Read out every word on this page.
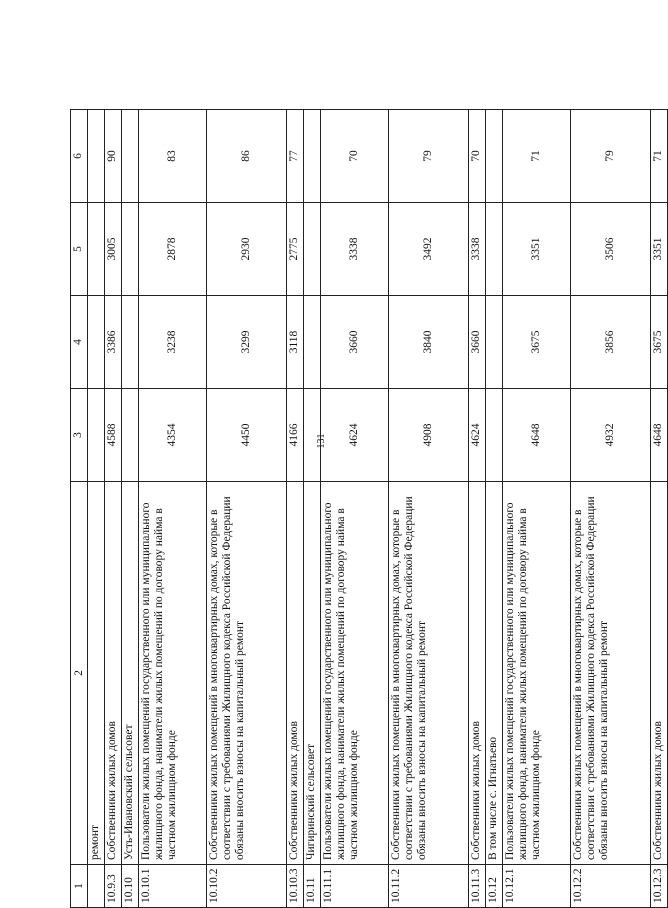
131
1	2	3	4	5	6
	ремонт				
10.9.3	Собственники жилых домов	4588	3386	3005	90
10.10	Усть-Ивановский сельсовет				
10.10.1	Пользователи жилых помещений государственного или муниципального жилищного фонда, наниматели жилых помещений по договору найма в частном жилищном фонде	4354	3238	2878	83
10.10.2	Собственники жилых помещений в многоквартирных домах, которые в соответствии с требованиями Жилищного кодекса Российской Федерации обязаны вносить взносы на капитальный ремонт	4450	3299	2930	86
10.10.3	Собственники жилых домов	4166	3118	2775	77
10.11	Чигиринский сельсовет				
10.11.1	Пользователи жилых помещений государственного или муниципального жилищного фонда, наниматели жилых помещений по договору найма в частном жилищном фонде	4624	3660	3338	70
10.11.2	Собственники жилых помещений в многоквартирных домах, которые в соответствии с требованиями Жилищного кодекса Российской Федерации обязаны вносить взносы на капитальный ремонт	4908	3840	3492	79
10.11.3	Собственники жилых домов	4624	3660	3338	70
10.12	В том числе с. Игнатьево				
10.12.1	Пользователи жилых помещений государственного или муниципального жилищного фонда, наниматели жилых помещений по договору найма в частном жилищном фонде	4648	3675	3351	71
10.12.2	Собственники жилых помещений в многоквартирных домах, которые в соответствии с требованиями Жилищного кодекса Российской Федерации обязаны вносить взносы на капитальный ремонт	4932	3856	3506	79
10.12.3	Собственники жилых домов	4648	3675	3351	71
